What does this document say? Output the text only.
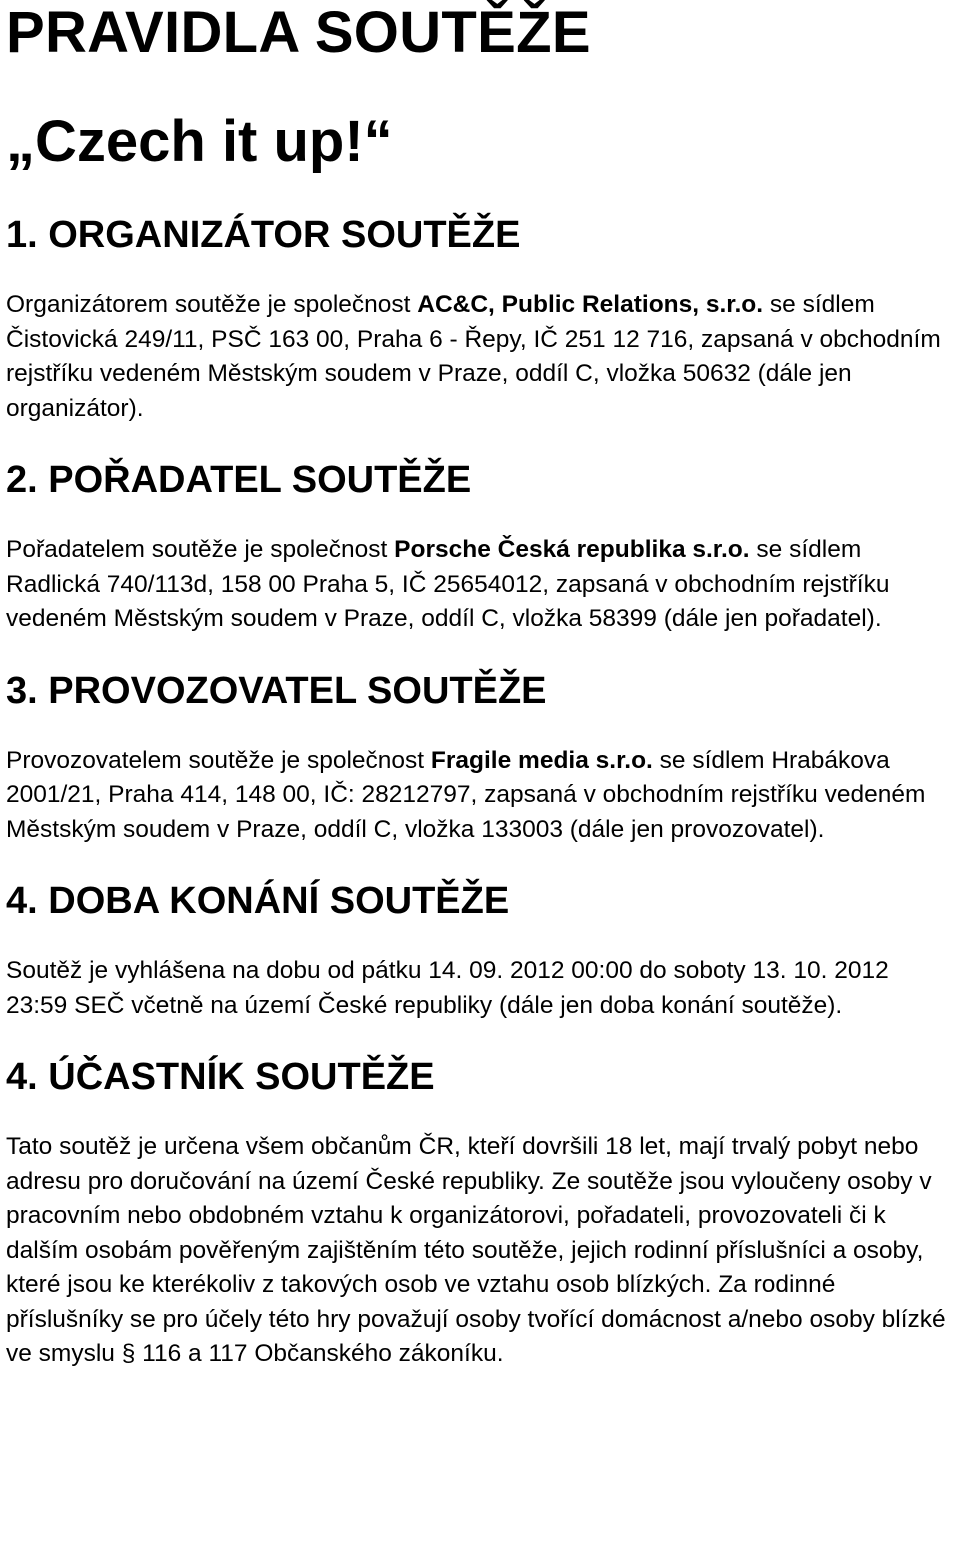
PRAVIDLA SOUTĚŽE
„Czech it up!“
1. ORGANIZÁTOR SOUTĚŽE

Organizátorem soutěže je společnost AC&C, Public Relations, s.r.o. se sídlem Čistovická 249/11, PSČ 163 00, Praha 6 - Řepy, IČ 251 12 716, zapsaná v obchodním rejstříku vedeném Městským soudem v Praze, oddíl C, vložka 50632 (dále jen organizátor).

2. POŘADATEL SOUTĚŽE

Pořadatelem soutěže je společnost Porsche Česká republika s.r.o. se sídlem Radlická 740/113d, 158 00 Praha 5, IČ 25654012, zapsaná v obchodním rejstříku vedeném Městským soudem v Praze, oddíl C, vložka 58399 (dále jen pořadatel).

3. PROVOZOVATEL SOUTĚŽE

Provozovatelem soutěže je společnost Fragile media s.r.o. se sídlem Hrabákova 2001/21, Praha 414, 148 00, IČ: 28212797, zapsaná v obchodním rejstříku vedeném Městským soudem v Praze, oddíl C, vložka 133003 (dále jen provozovatel).

4. DOBA KONÁNÍ SOUTĚŽE

Soutěž je vyhlášena na dobu od pátku 14. 09. 2012 00:00 do soboty 13. 10. 2012 23:59 SEČ včetně na území České republiky (dále jen doba konání soutěže).

4. ÚČASTNÍK SOUTĚŽE

Tato soutěž je určena všem občanům ČR, kteří dovršili 18 let, mají trvalý pobyt nebo adresu pro doručování na území České republiky. Ze soutěže jsou vyloučeny osoby v pracovním nebo obdobném vztahu k organizátorovi, pořadateli, provozovateli či k dalším osobám pověřeným zajištěním této soutěže, jejich rodinní příslušníci a osoby, které jsou ke kterékoliv z takových osob ve vztahu osob blízkých. Za rodinné příslušníky se pro účely této hry považují osoby tvořící domácnost a/nebo osoby blízké ve smyslu § 116 a 117 Občanského zákoníku.
